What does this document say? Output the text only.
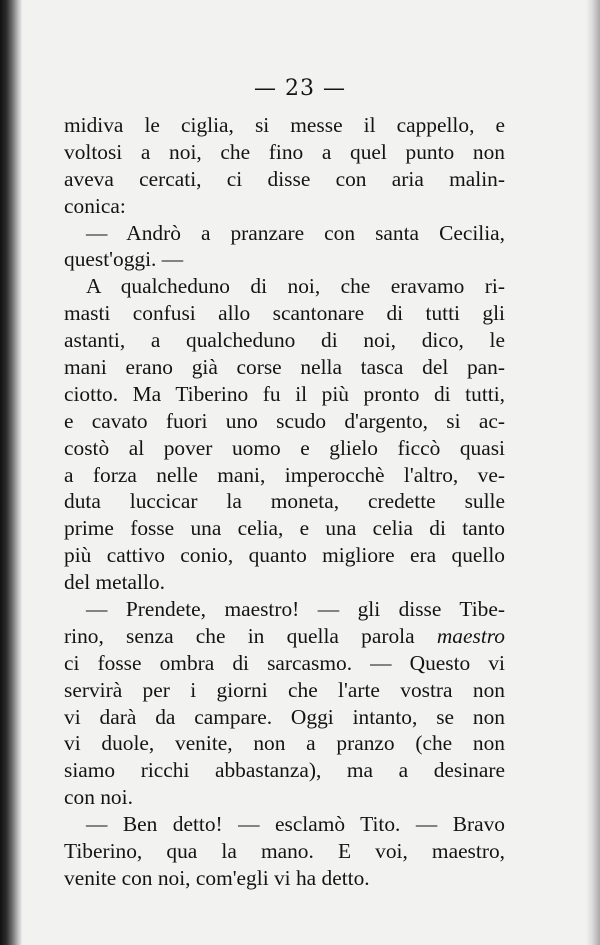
— 23 —
midiva le ciglia, si messe il cappello, e
voltosi a noi, che fino a quel punto non
aveva cercati, ci disse con aria malin-
conica:
— Andrò a pranzare con santa Cecilia,
quest'oggi. —
A qualcheduno di noi, che eravamo ri-
masti confusi allo scantonare di tutti gli
astanti, a qualcheduno di noi, dico, le
mani erano già corse nella tasca del pan-
ciotto. Ma Tiberino fu il più pronto di tutti,
e cavato fuori uno scudo d'argento, si ac-
costò al pover uomo e glielo ficcò quasi
a forza nelle mani, imperocchè l'altro, ve-
duta luccicar la moneta, credette sulle
prime fosse una celia, e una celia di tanto
più cattivo conio, quanto migliore era quello
del metallo.
— Prendete, maestro! — gli disse Tibe-
rino, senza che in quella parola maestro
ci fosse ombra di sarcasmo. — Questo vi
servirà per i giorni che l'arte vostra non
vi darà da campare. Oggi intanto, se non
vi duole, venite, non a pranzo (che non
siamo ricchi abbastanza), ma a desinare
con noi.
— Ben detto! — esclamò Tito. — Bravo
Tiberino, qua la mano. E voi, maestro,
venite con noi, com'egli vi ha detto.
